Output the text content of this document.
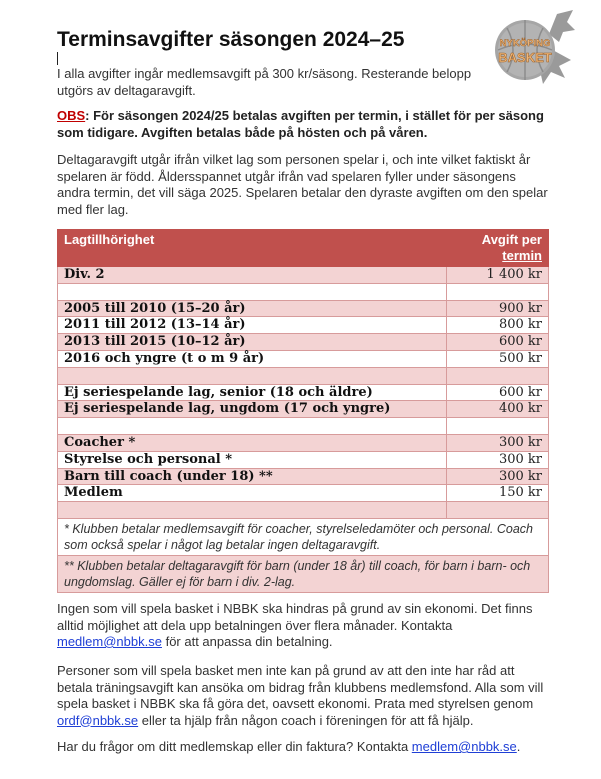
Terminsavgifter säsongen 2024–25	NYKÖPING
BASKET
I alla avgifter ingår medlemsavgift på 300 kr/säsong. Resterande belopp utgörs av deltagaravgift.
OBS: För säsongen 2024/25 betalas avgiften per termin, i stället för per säsong som tidigare. Avgiften betalas både på hösten och på våren.
Deltagaravgift utgår ifrån vilket lag som personen spelar i, och inte vilket faktiskt år spelaren är född. Åldersspannet utgår ifrån vad spelaren fyller under säsongens andra termin, det vill säga 2025. Spelaren betalar den dyraste avgiften om den spelar med fler lag.
Lagtillhörighet	Avgift per
termin
Div. 2	1 400 kr

2005 till 2010 (15–20 år)	900 kr
2011 till 2012 (13–14 år)	800 kr
2013 till 2015 (10–12 år)	600 kr
2016 och yngre (t o m 9 år)	500 kr

Ej seriespelande lag, senior (18 och äldre)	600 kr
Ej seriespelande lag, ungdom (17 och yngre)	400 kr

Coacher *	300 kr
Styrelse och personal *	300 kr
Barn till coach (under 18) **	300 kr
Medlem	150 kr

* Klubben betalar medlemsavgift för coacher, styrelseledamöter och personal. Coach som också spelar i något lag betalar ingen deltagaravgift.	
** Klubben betalar deltagaravgift för barn (under 18 år) till coach, för barn i barn- och ungdomslag. Gäller ej för barn i div. 2-lag.	
Ingen som vill spela basket i NBBK ska hindras på grund av sin ekonomi. Det finns alltid möjlighet att dela upp betalningen över flera månader. Kontakta medlem@nbbk.se för att anpassa din betalning.
Personer som vill spela basket men inte kan på grund av att den inte har råd att betala träningsavgift kan ansöka om bidrag från klubbens medlemsfond. Alla som vill spela basket i NBBK ska få göra det, oavsett ekonomi. Prata med styrelsen genom ordf@nbbk.se eller ta hjälp från någon coach i föreningen för att få hjälp.
Har du frågor om ditt medlemskap eller din faktura? Kontakta medlem@nbbk.se.
